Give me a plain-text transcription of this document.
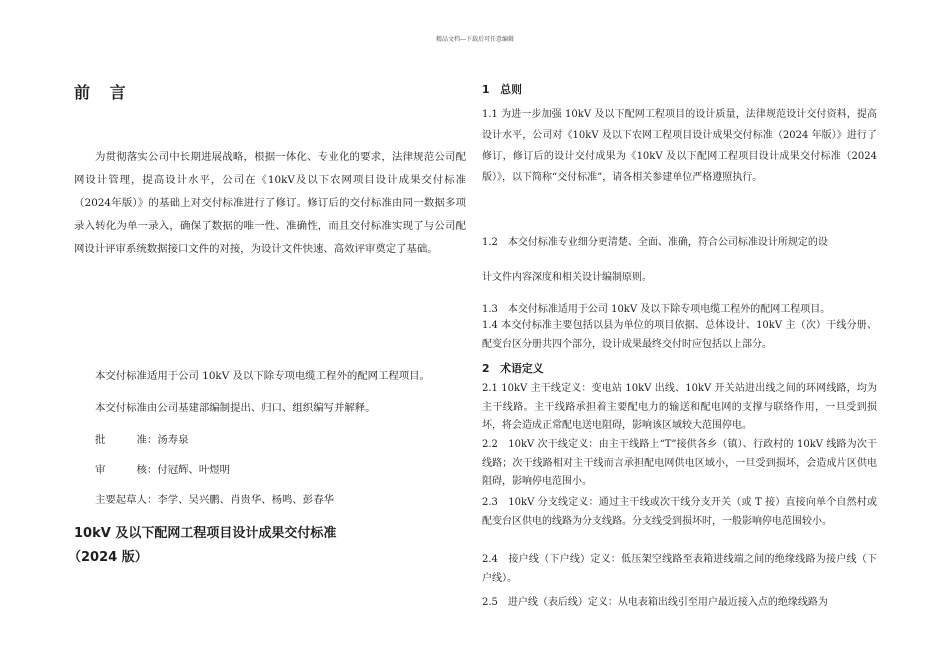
精品文档---下载后可任意编辑
前 言
为贯彻落实公司中长期进展战略，根据一体化、专业化的要求，法律规范公司配网设计管理，提高设计水平，公司在《10kV及以下农网项目设计成果交付标准（2024年版）》的基础上对交付标准进行了修订。修订后的交付标准由同一数据多项录入转化为单一录入，确保了数据的唯一性、准确性，而且交付标准实现了与公司配网设计评审系统数据接口文件的对接，为设计文件快速、高效评审奠定了基础。
本交付标准适用于公司 10kV 及以下除专项电缆工程外的配网工程项目。
本交付标准由公司基建部编制提出、归口、组织编写并解释。
批　　　准：汤寿泉
审　　　核：付冠辉、叶煜明
主要起草人：李学、吴兴鹏、肖贵华、杨鸣、彭春华
10kV 及以下配网工程项目设计成果交付标准
（2024 版）
1　总则
1.1 为进一步加强 10kV 及以下配网工程项目的设计质量，法律规范设计交付资料，提高设计水平，公司对《10kV 及以下农网工程项目设计成果交付标准（2024 年版）》进行了修订，修订后的设计交付成果为《10kV 及以下配网工程项目设计成果交付标准（2024 版）》，以下简称“交付标准”，请各相关参建单位严格遵照执行。
1.2　本交付标准专业细分更清楚、全面、准确，符合公司标准设计所规定的设
计文件内容深度和相关设计编制原则。
1.3　本交付标准适用于公司 10kV 及以下除专项电缆工程外的配网工程项目。
1.4 本交付标准主要包括以县为单位的项目依据、总体设计、10kV 主（次）干线分册、配变台区分册共四个部分，设计成果最终交付时应包括以上部分。
2　术语定义
2.1 10kV 主干线定义：变电站 10kV 出线、10kV 开关站进出线之间的环网线路，均为主干线路。主干线路承担着主要配电力的输送和配电网的支撑与联络作用，一旦受到损坏，将会造成正常配电送电阻碍，影响该区域较大范围停电。
2.2　10kV 次干线定义：由主干线路上“T”接供各乡（镇）、行政村的 10kV 线路为次干线路；次干线路相对主干线而言承担配电网供电区域小，一旦受到损坏，会造成片区供电阻碍，影响停电范围小。
2.3　10kV 分支线定义：通过主干线或次干线分支开关（或 T 接）直接向单个自然村或配变台区供电的线路为分支线路。分支线受到损坏时，一般影响停电范围较小。
2.4　接户线（下户线）定义：低压架空线路至表箱进线端之间的绝缘线路为接户线（下户线）。
2.5　进户线（表后线）定义：从电表箱出线引至用户最近接入点的绝缘线路为
